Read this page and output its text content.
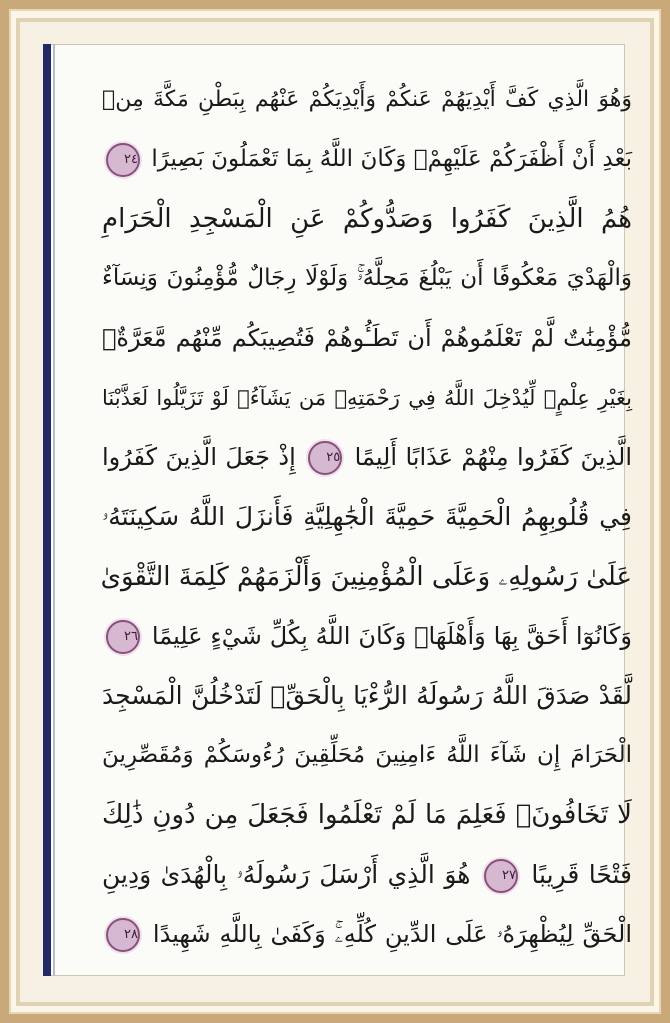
وَهُوَ الَّذِي كَفَّ أَيْدِيَهُمْ عَنكُمْ وَأَيْدِيَكُمْ عَنْهُم بِبَطْنِ مَكَّةَ مِنۢ
بَعْدِ أَنْ أَظْفَرَكُمْ عَلَيْهِمْۚ وَكَانَ اللَّهُ بِمَا تَعْمَلُونَ بَصِيرًا ٢٤
هُمُ الَّذِينَ كَفَرُوا وَصَدُّوكُمْ عَنِ الْمَسْجِدِ الْحَرَامِ
وَالْهَدْيَ مَعْكُوفًا أَن يَبْلُغَ مَحِلَّهُۥۚ وَلَوْلَا رِجَالٌ مُّؤْمِنُونَ وَنِسَآءٌ
مُّؤْمِنَٰتٌ لَّمْ تَعْلَمُوهُمْ أَن تَطَـُٔوهُمْ فَتُصِيبَكُم مِّنْهُم مَّعَرَّةٌۢ
بِغَيْرِ عِلْمٍۖ لِّيُدْخِلَ اللَّهُ فِي رَحْمَتِهِۦ مَن يَشَآءُۚ لَوْ تَزَيَّلُوا لَعَذَّبْنَا
الَّذِينَ كَفَرُوا مِنْهُمْ عَذَابًا أَلِيمًا ٢٥ إِذْ جَعَلَ الَّذِينَ كَفَرُوا
فِي قُلُوبِهِمُ الْحَمِيَّةَ حَمِيَّةَ الْجَٰهِلِيَّةِ فَأَنزَلَ اللَّهُ سَكِينَتَهُۥ
عَلَىٰ رَسُولِهِۦ وَعَلَى الْمُؤْمِنِينَ وَأَلْزَمَهُمْ كَلِمَةَ التَّقْوَىٰ
وَكَانُوٓا أَحَقَّ بِهَا وَأَهْلَهَاۚ وَكَانَ اللَّهُ بِكُلِّ شَيْءٍ عَلِيمًا ٢٦
لَّقَدْ صَدَقَ اللَّهُ رَسُولَهُ الرُّءْيَا بِالْحَقِّۖ لَتَدْخُلُنَّ الْمَسْجِدَ
الْحَرَامَ إِن شَآءَ اللَّهُ ءَامِنِينَ مُحَلِّقِينَ رُءُوسَكُمْ وَمُقَصِّرِينَ
لَا تَخَافُونَۖ فَعَلِمَ مَا لَمْ تَعْلَمُوا فَجَعَلَ مِن دُونِ ذَٰلِكَ
فَتْحًا قَرِيبًا ٢٧ هُوَ الَّذِي أَرْسَلَ رَسُولَهُۥ بِالْهُدَىٰ وَدِينِ
الْحَقِّ لِيُظْهِرَهُۥ عَلَى الدِّينِ كُلِّهِۦۚ وَكَفَىٰ بِاللَّهِ شَهِيدًا ٢٨
